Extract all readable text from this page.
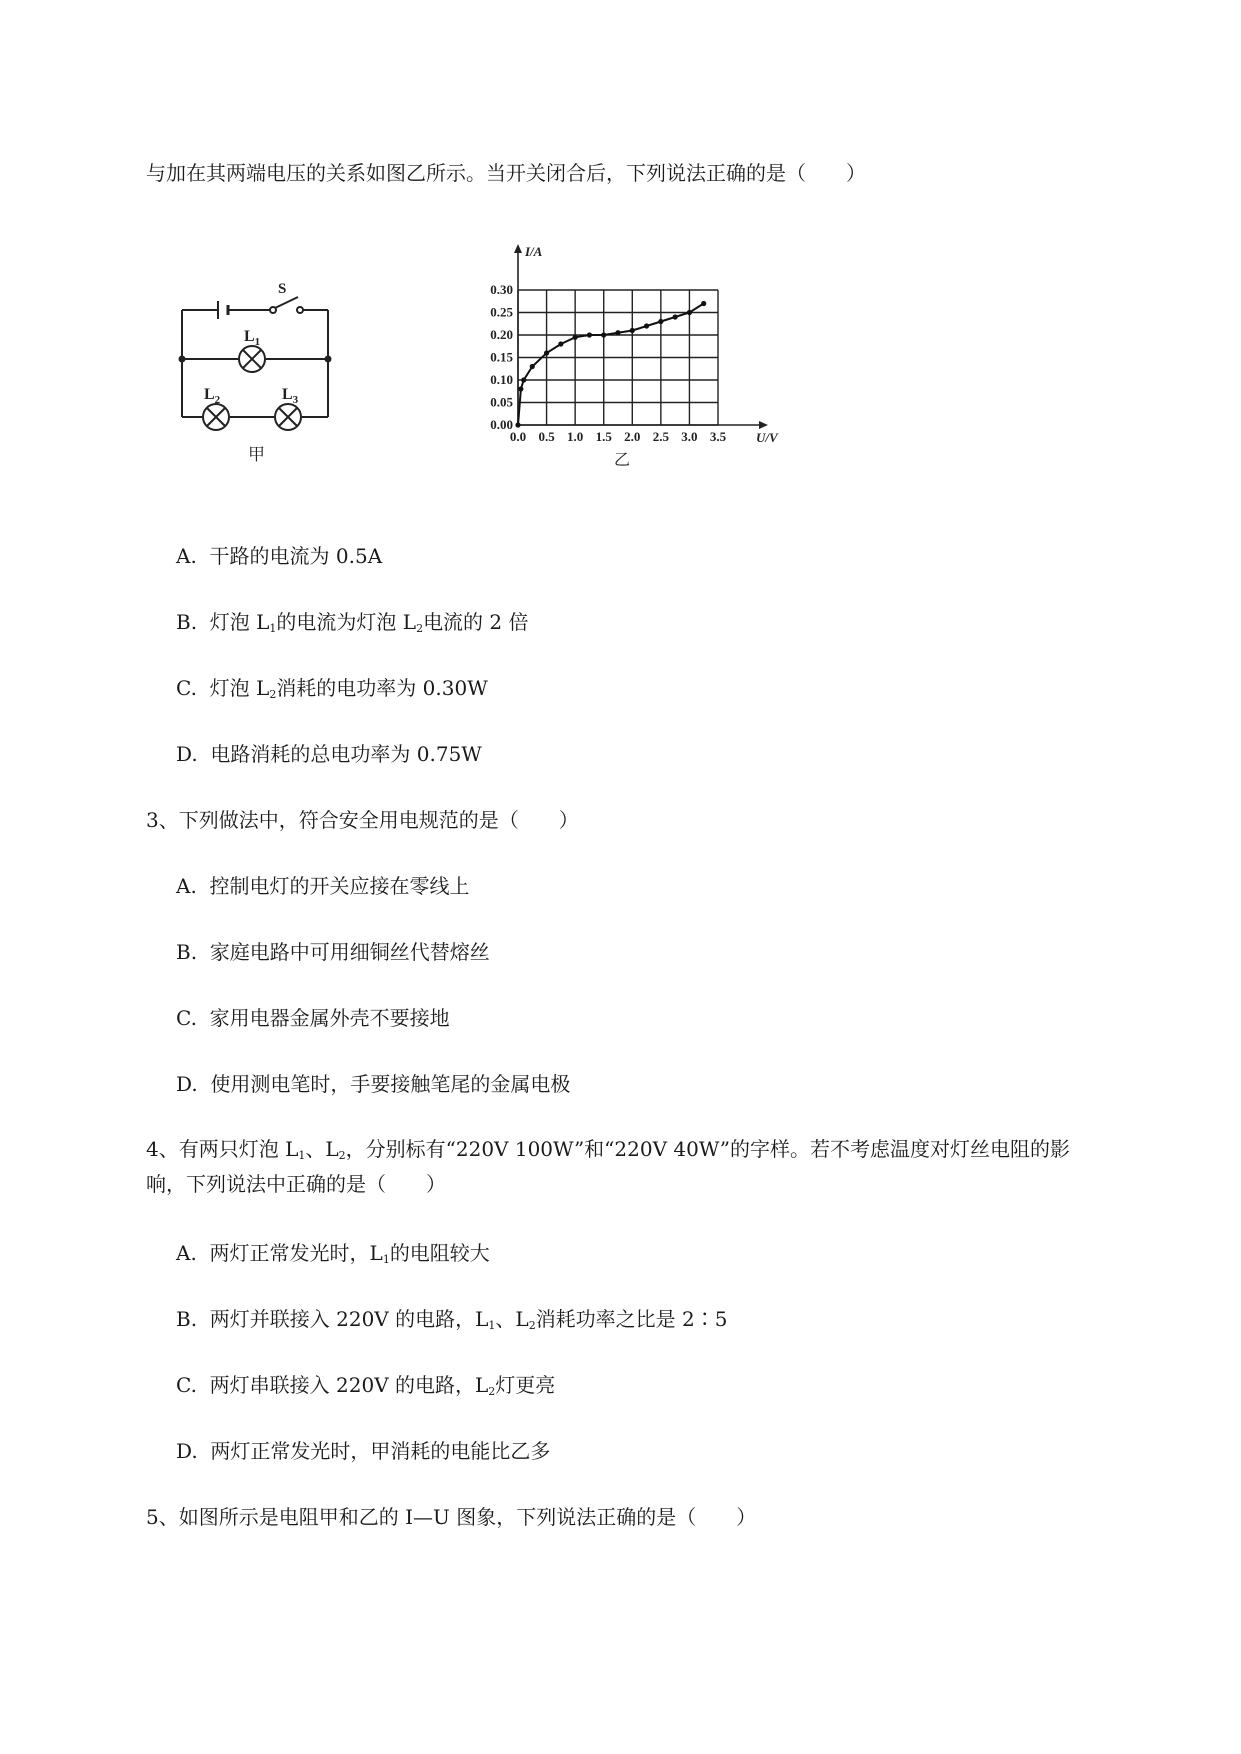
与加在其两端电压的关系如图乙所示。当开关闭合后，下列说法正确的是（　　）
S
$L_1$
$L_2$	$L_3$
甲
0.0 0.5 1.0 1.5 2.0 2.5 3.0 3.5
0.00
0.05
0.10
0.15
0.20
0.25
0.30
U/V
I/A
乙
A. 干路的电流为 0.5A
B. 灯泡 $L_1$的电流为灯泡 $L_2$电流的 2 倍
C. 灯泡 $L_2$消耗的电功率为 0.30W
D. 电路消耗的总电功率为 0.75W
3、下列做法中，符合安全用电规范的是（　　）
A. 控制电灯的开关应接在零线上
B. 家庭电路中可用细铜丝代替熔丝
C. 家用电器金属外壳不要接地
D. 使用测电笔时，手要接触笔尾的金属电极
4、有两只灯泡 $L_1$、$L_2$，分别标有“220V 100W”和“220V 40W”的字样。若不考虑温度对灯丝电阻的影
响，下列说法中正确的是（　　）
A. 两灯正常发光时，$L_1$的电阻较大
B. 两灯并联接入 220V 的电路，$L_1$、$L_2$消耗功率之比是 2∶5
C. 两灯串联接入 220V 的电路，$L_2$灯更亮
D. 两灯正常发光时，甲消耗的电能比乙多
5、如图所示是电阻甲和乙的 I—U 图象，下列说法正确的是（　　）
